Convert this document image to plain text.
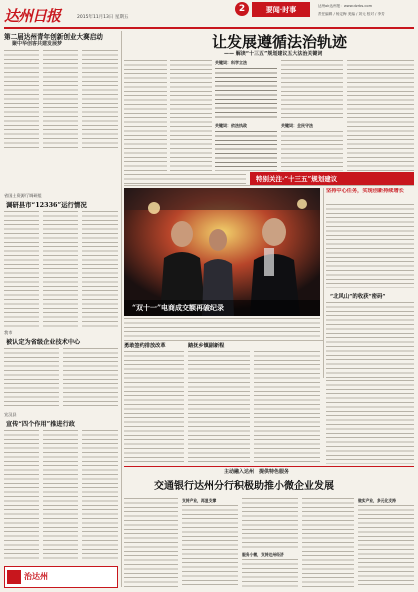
达州日报	2015年11月13日 星期五
2	要闻·时事	达州ok达州报：www.dzrbs.com
责任编辑 / 杨定梅 美编 / 刘元 校对 / 李芳
第二届达州青年创新创业大赛启动
聚中华创客共建发展梦
省国土资源厅调研组
调研县市“12336”运行情况
我市
被认定为省级企业技术中心
宣汉县
宣传“四个作用”推进行政
治达州
让发展遵循法治轨迹
—— 解读“十三五”规划建议五大法治关键词
关键词：科学立法
关键词：依法执政	关键词：全民守法
特别关注·“十三五”规划建议
“双十一”电商成交额再破纪录
坚持中心任务，实现创新持续增长
“北风山”的收获“密码”
勇敢签约排放改革	踏抚乡镇副新程
主动融入达州　提供特色服务
交通银行达州分行积极助推小微企业发展
支持产业，再显支撑
服务小微，支持达州经济
做实产业，多元化支持
